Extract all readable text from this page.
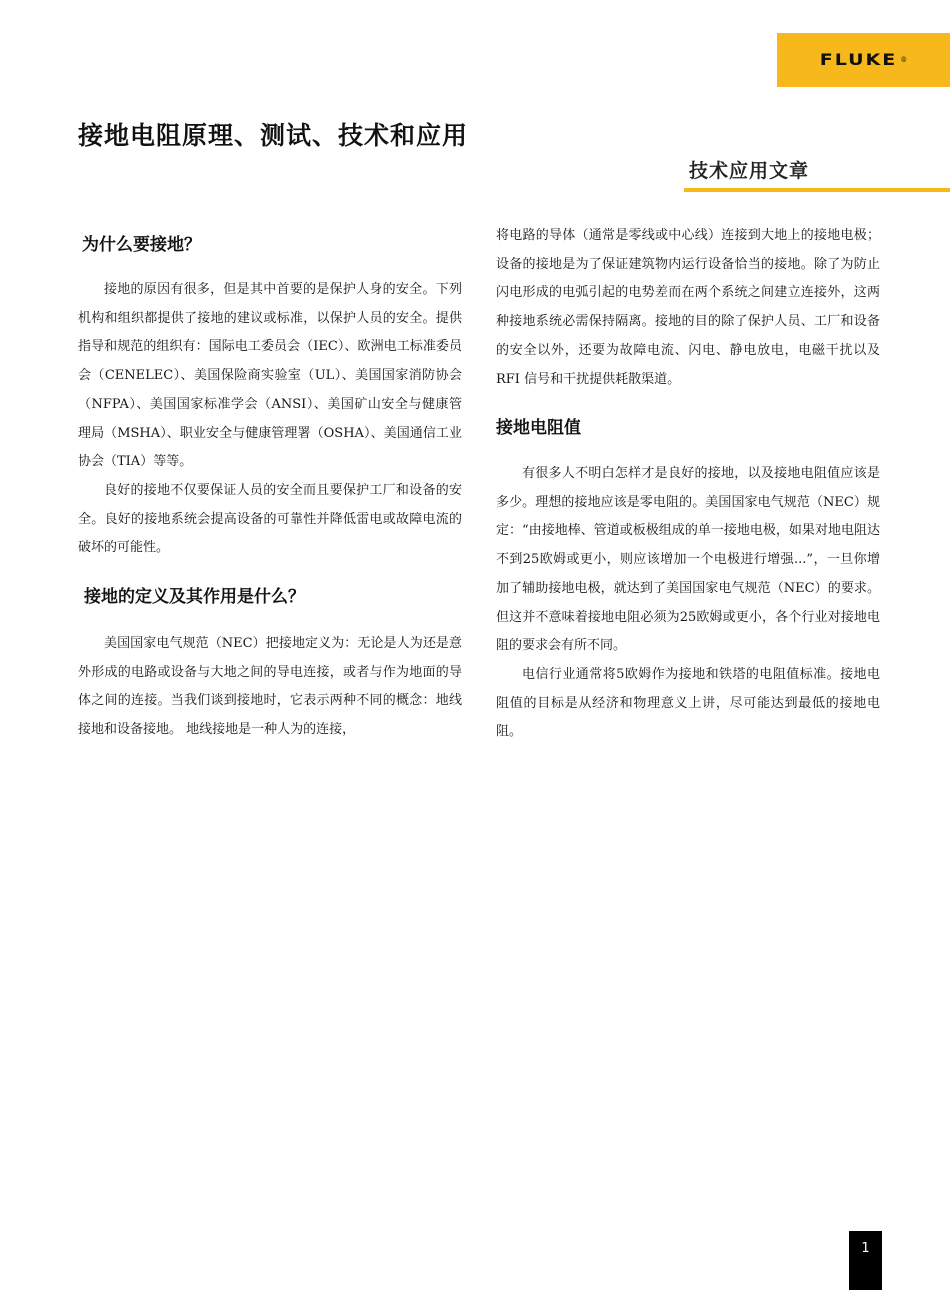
FLUKE ®
接地电阻原理、测试、技术和应用
技术应用文章
为什么要接地？

接地的原因有很多，但是其中首要的是保护人身的安全。下列机构和组织都提供了接地的建议或标准，以保护人员的安全。提供指导和规范的组织有：国际电工委员会（IEC）、欧洲电工标准委员会（CENELEC）、美国保险商实验室（UL）、美国国家消防协会（NFPA）、美国国家标准学会（ANSI）、美国矿山安全与健康管理局（MSHA）、职业安全与健康管理署（OSHA）、美国通信工业协会（TIA）等等。

良好的接地不仅要保证人员的安全而且要保护工厂和设备的安全。良好的接地系统会提高设备的可靠性并降低雷电或故障电流的破坏的可能性。

接地的定义及其作用是什么？

美国国家电气规范（NEC）把接地定义为：无论是人为还是意外形成的电路或设备与大地之间的导电连接，或者与作为地面的导体之间的连接。当我们谈到接地时，它表示两种不同的概念：地线接地和设备接地。 地线接地是一种人为的连接，

将电路的导体（通常是零线或中心线）连接到大地上的接地电极；设备的接地是为了保证建筑物内运行设备恰当的接地。除了为防止闪电形成的电弧引起的电势差而在两个系统之间建立连接外，这两种接地系统必需保持隔离。接地的目的除了保护人员、工厂和设备的安全以外，还要为故障电流、闪电、静电放电，电磁干扰以及 RFI 信号和干扰提供耗散渠道。

接地电阻值

有很多人不明白怎样才是良好的接地，以及接地电阻值应该是多少。理想的接地应该是零电阻的。美国国家电气规范（NEC）规定：“由接地棒、管道或板极组成的单一接地电极，如果对地电阻达不到25欧姆或更小，则应该增加一个电极进行增强...”，一旦你增加了辅助接地电极，就达到了美国国家电气规范（NEC）的要求。但这并不意味着接地电阻必须为25欧姆或更小，各个行业对接地电阻的要求会有所不同。

电信行业通常将5欧姆作为接地和铁塔的电阻值标准。接地电阻值的目标是从经济和物理意义上讲，尽可能达到最低的接地电阻。

1
